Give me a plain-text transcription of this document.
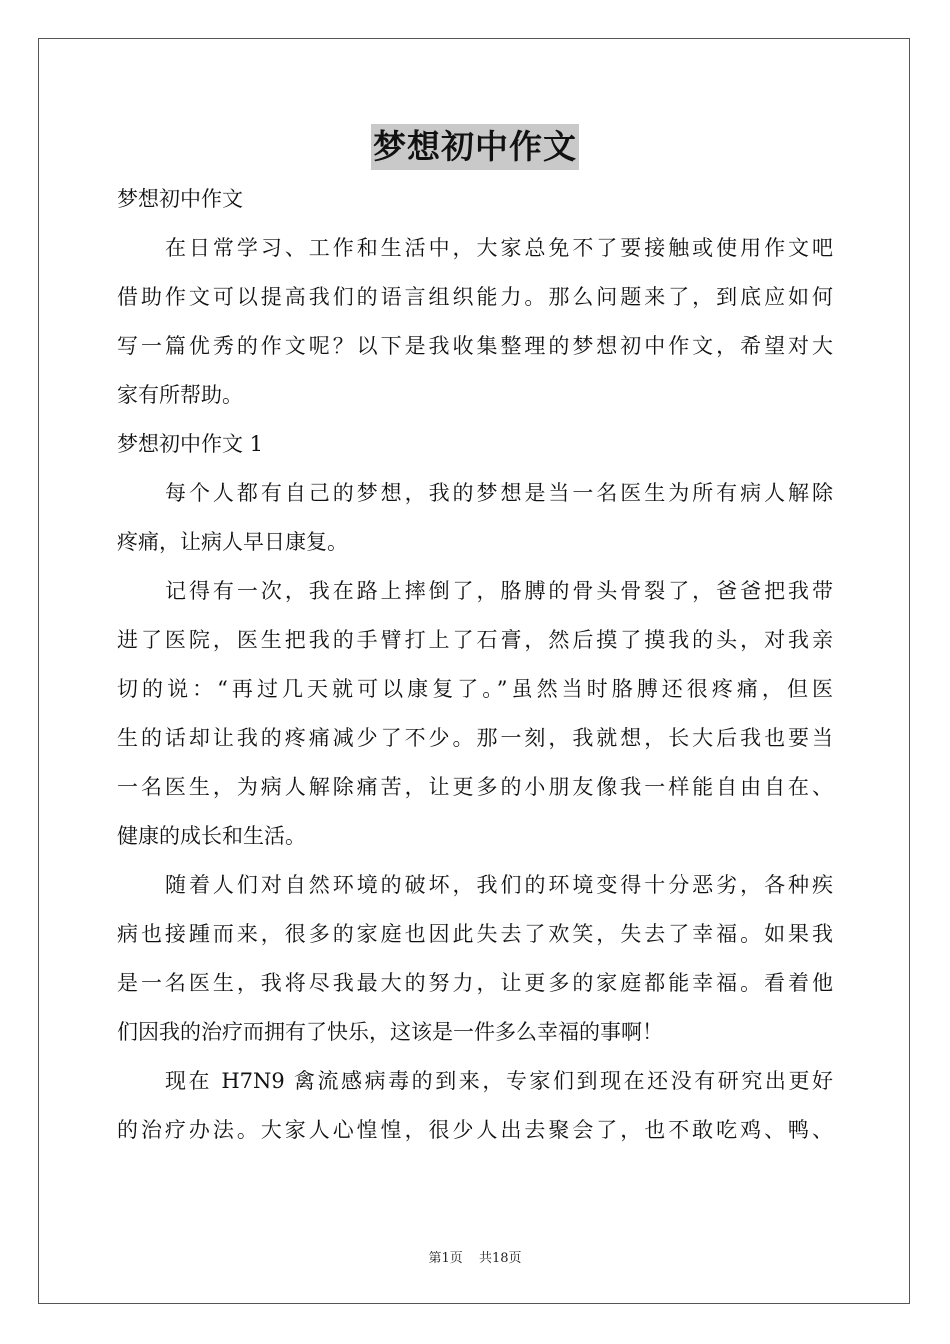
梦想初中作文
梦想初中作文
在日常学习、工作和生活中，大家总免不了要接触或使用作文吧
借助作文可以提高我们的语言组织能力。那么问题来了，到底应如何
写一篇优秀的作文呢？以下是我收集整理的梦想初中作文，希望对大
家有所帮助。
梦想初中作文 1
每个人都有自己的梦想，我的梦想是当一名医生为所有病人解除
疼痛，让病人早日康复。
记得有一次，我在路上摔倒了，胳膊的骨头骨裂了，爸爸把我带
进了医院，医生把我的手臂打上了石膏，然后摸了摸我的头，对我亲
切的说：“再过几天就可以康复了。”虽然当时胳膊还很疼痛，但医
生的话却让我的疼痛减少了不少。那一刻，我就想，长大后我也要当
一名医生，为病人解除痛苦，让更多的小朋友像我一样能自由自在、
健康的成长和生活。
随着人们对自然环境的破坏，我们的环境变得十分恶劣，各种疾
病也接踵而来，很多的家庭也因此失去了欢笑，失去了幸福。如果我
是一名医生，我将尽我最大的努力，让更多的家庭都能幸福。看着他
们因我的治疗而拥有了快乐，这该是一件多么幸福的事啊！
现在 H7N9 禽流感病毒的到来，专家们到现在还没有研究出更好
的治疗办法。大家人心惶惶，很少人出去聚会了，也不敢吃鸡、鸭、
第1页 共18页
